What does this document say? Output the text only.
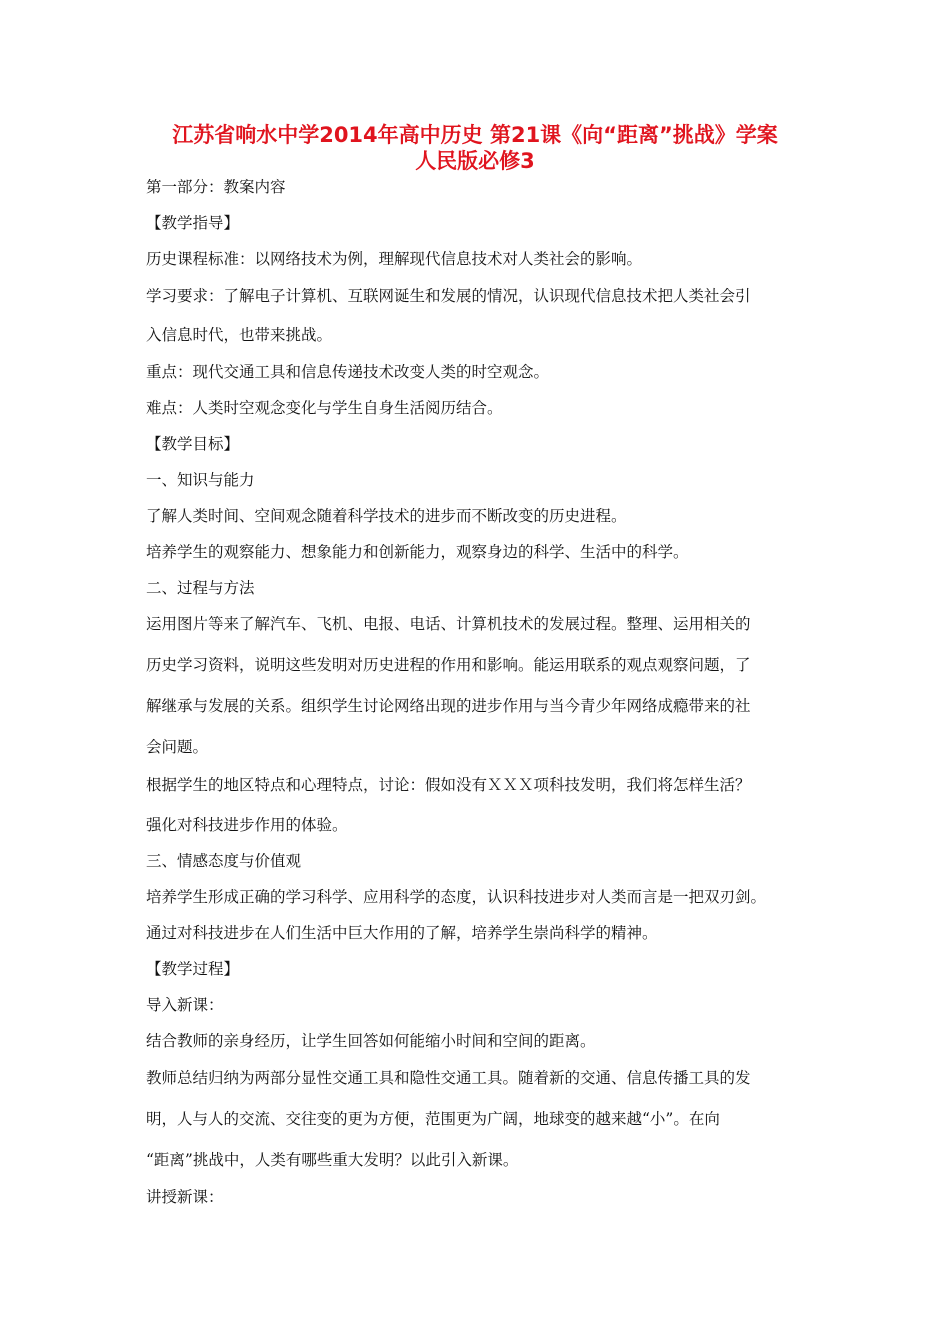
江苏省响水中学2014年高中历史 第21课《向“距离”挑战》学案
人民版必修3
第一部分：教案内容
【教学指导】
历史课程标准：以网络技术为例，理解现代信息技术对人类社会的影响。
学习要求：了解电子计算机、互联网诞生和发展的情况，认识现代信息技术把人类社会引
入信息时代，也带来挑战。
重点：现代交通工具和信息传递技术改变人类的时空观念。
难点：人类时空观念变化与学生自身生活阅历结合。
【教学目标】
一、知识与能力
了解人类时间、空间观念随着科学技术的进步而不断改变的历史进程。
培养学生的观察能力、想象能力和创新能力，观察身边的科学、生活中的科学。
二、过程与方法
运用图片等来了解汽车、飞机、电报、电话、计算机技术的发展过程。整理、运用相关的
历史学习资料，说明这些发明对历史进程的作用和影响。能运用联系的观点观察问题，了
解继承与发展的关系。组织学生讨论网络出现的进步作用与当今青少年网络成瘾带来的社
会问题。
根据学生的地区特点和心理特点，讨论：假如没有ＸＸＸ项科技发明，我们将怎样生活？
强化对科技进步作用的体验。
三、情感态度与价值观
培养学生形成正确的学习科学、应用科学的态度，认识科技进步对人类而言是一把双刃剑。
通过对科技进步在人们生活中巨大作用的了解，培养学生崇尚科学的精神。
【教学过程】
导入新课：
结合教师的亲身经历，让学生回答如何能缩小时间和空间的距离。
教师总结归纳为两部分显性交通工具和隐性交通工具。随着新的交通、信息传播工具的发
明，人与人的交流、交往变的更为方便，范围更为广阔，地球变的越来越“小”。在向
“距离”挑战中，人类有哪些重大发明？以此引入新课。
讲授新课：
